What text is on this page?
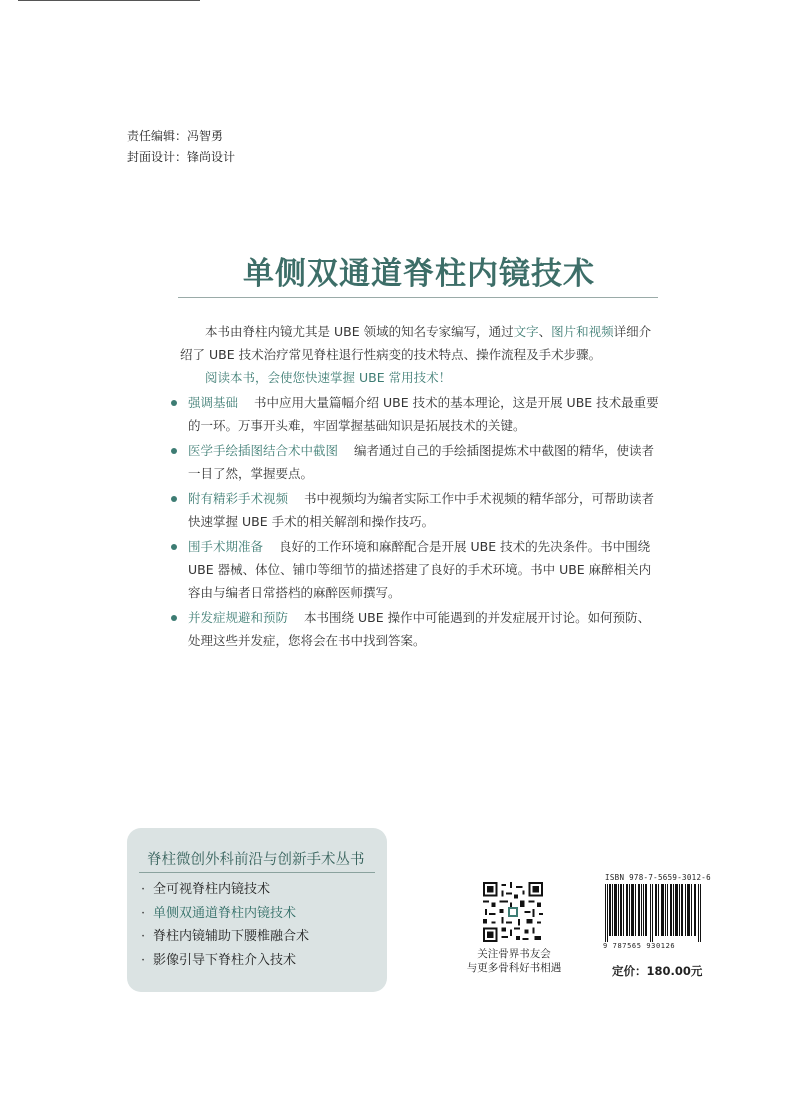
责任编辑：冯智勇
封面设计：锋尚设计
单侧双通道脊柱内镜技术

本书由脊柱内镜尤其是 UBE 领域的知名专家编写，通过文字、图片和视频详细介绍了 UBE 技术治疗常见脊柱退行性病变的技术特点、操作流程及手术步骤。

阅读本书，会使您快速掌握 UBE 常用技术！
强调基础 书中应用大量篇幅介绍 UBE 技术的基本理论，这是开展 UBE 技术最重要的一环。万事开头难，牢固掌握基础知识是拓展技术的关键。
医学手绘插图结合术中截图 编者通过自己的手绘插图提炼术中截图的精华，使读者一目了然，掌握要点。
附有精彩手术视频 书中视频均为编者实际工作中手术视频的精华部分，可帮助读者快速掌握 UBE 手术的相关解剖和操作技巧。
围手术期准备 良好的工作环境和麻醉配合是开展 UBE 技术的先决条件。书中围绕 UBE 器械、体位、铺巾等细节的描述搭建了良好的手术环境。书中 UBE 麻醉相关内容由与编者日常搭档的麻醉医师撰写。
并发症规避和预防 本书围绕 UBE 操作中可能遇到的并发症展开讨论。如何预防、处理这些并发症，您将会在书中找到答案。
脊柱微创外科前沿与创新手术丛书
· 全可视脊柱内镜技术
· 单侧双通道脊柱内镜技术
· 脊柱内镜辅助下腰椎融合术
· 影像引导下脊柱介入技术	关注骨界书友会
与更多骨科好书相遇
ISBN 978-7-5659-3012-6
9 787565 930126
定价：180.00元
